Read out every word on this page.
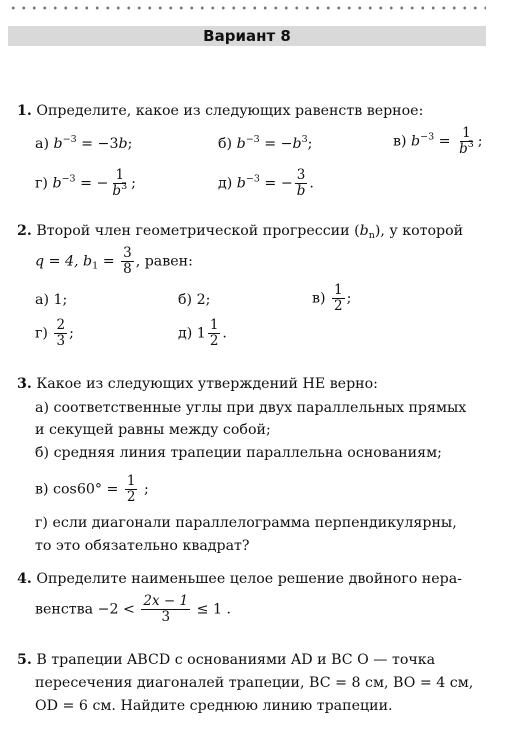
Вариант 8
1. Определите, какое из следующих равенств верное:
а) $b^{-3} = -3b$;	б) $b^{-3} = -b^3$;	в) $b^{-3} = \frac{1}{b^3}$ ;
г) $b^{-3}$ = − $\frac{1}{b^3}$ ;	д) $b^{-3}$ = − $\frac{3}{b}$ .
2. Второй член геометрической прогрессии $(b_n)$, у которой
q = 4, $b_1 = \frac{3}{8}$ , равен:
а) 1;	б) 2;	$в) \frac{1}{2}$ ;
$г) \frac{2}{3}$ ;	д) $1 \frac{1}{2}$ .
3. Какое из следующих утверждений НЕ верно:
а) соответственные углы при двух параллельных прямых
и секущей равны между собой;
б) средняя линия трапеции параллельна основаниям;
в) $\cos 60^\circ = \frac{1}{2}$ ;
г) если диагонали параллелограмма перпендикулярны,
то это обязательно квадрат?
4. Определите наименьшее целое решение двойного нера-
венства $-2 < \frac{2x - 1}{3} \le 1$ .
5. В трапеции ABCD с основаниями AD и BC O — точка
пересечения диагоналей трапеции, BC = 8 см, BO = 4 см,
OD = 6 см. Найдите среднюю линию трапеции.
